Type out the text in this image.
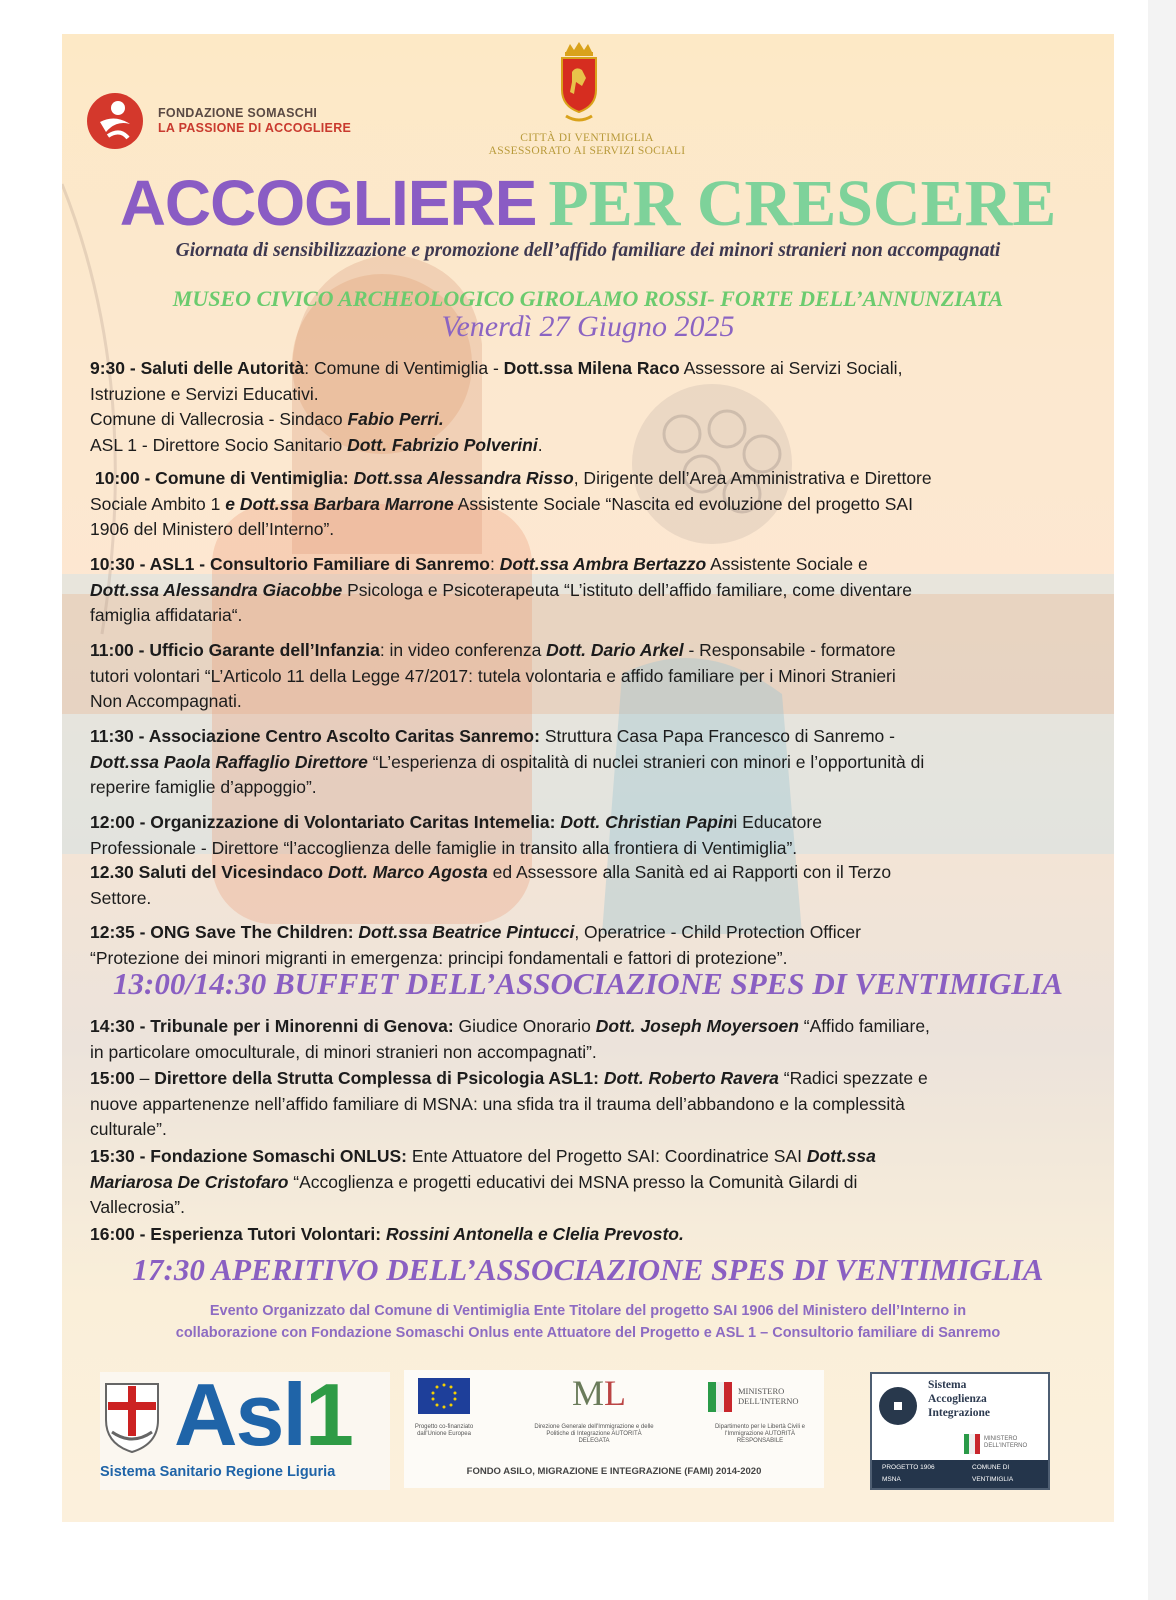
FONDAZIONE SOMASCHI
LA PASSIONE DI ACCOGLIERE
CITTÀ DI VENTIMIGLIA
ASSESSORATO AI SERVIZI SOCIALI
ACCOGLIERE PER CRESCERE
Giornata di sensibilizzazione e promozione dell’affido familiare dei minori stranieri non accompagnati
MUSEO CIVICO ARCHEOLOGICO GIROLAMO ROSSI- FORTE DELL’ANNUNZIATA
Venerdì 27 Giugno 2025
9:30 - Saluti delle Autorità: Comune di Ventimiglia - Dott.ssa Milena Raco Assessore ai Servizi Sociali,
Istruzione e Servizi Educativi.
Comune di Vallecrosia - Sindaco Fabio Perri.
ASL 1 - Direttore Socio Sanitario Dott. Fabrizio Polverini.
10:00 - Comune di Ventimiglia: Dott.ssa Alessandra Risso, Dirigente dell’Area Amministrativa e Direttore
Sociale Ambito 1 e Dott.ssa Barbara Marrone Assistente Sociale “Nascita ed evoluzione del progetto SAI
1906 del Ministero dell’Interno”.
10:30 - ASL1 - Consultorio Familiare di Sanremo: Dott.ssa Ambra Bertazzo Assistente Sociale e
Dott.ssa Alessandra Giacobbe Psicologa e Psicoterapeuta “L’istituto dell’affido familiare, come diventare
famiglia affidataria“.
11:00 - Ufficio Garante dell’Infanzia: in video conferenza Dott. Dario Arkel - Responsabile - formatore
tutori volontari “L’Articolo 11 della Legge 47/2017: tutela volontaria e affido familiare per i Minori Stranieri
Non Accompagnati.
11:30 - Associazione Centro Ascolto Caritas Sanremo: Struttura Casa Papa Francesco di Sanremo -
Dott.ssa Paola Raffaglio Direttore “L’esperienza di ospitalità di nuclei stranieri con minori e l’opportunità di
reperire famiglie d’appoggio”.
12:00 - Organizzazione di Volontariato Caritas Intemelia: Dott. Christian Papini Educatore
Professionale - Direttore “l’accoglienza delle famiglie in transito alla frontiera di Ventimiglia”.
12.30 Saluti del Vicesindaco Dott. Marco Agosta ed Assessore alla Sanità ed ai Rapporti con il Terzo
Settore.
12:35 - ONG Save The Children: Dott.ssa Beatrice Pintucci, Operatrice - Child Protection Officer
“Protezione dei minori migranti in emergenza: principi fondamentali e fattori di protezione”.
13:00/14:30 BUFFET DELL’ASSOCIAZIONE SPES DI VENTIMIGLIA
14:30 - Tribunale per i Minorenni di Genova: Giudice Onorario Dott. Joseph Moyersoen “Affido familiare,
in particolare omoculturale, di minori stranieri non accompagnati”.
15:00 – Direttore della Strutta Complessa di Psicologia ASL1: Dott. Roberto Ravera “Radici spezzate e
nuove appartenenze nell’affido familiare di MSNA: una sfida tra il trauma dell’abbandono e la complessità
culturale”.
15:30 - Fondazione Somaschi ONLUS: Ente Attuatore del Progetto SAI: Coordinatrice SAI Dott.ssa
Mariarosa De Cristofaro “Accoglienza e progetti educativi dei MSNA presso la Comunità Gilardi di
Vallecrosia”.
16:00 - Esperienza Tutori Volontari: Rossini Antonella e Clelia Prevosto.
17:30 APERITIVO DELL’ASSOCIAZIONE SPES DI VENTIMIGLIA
Evento Organizzato dal Comune di Ventimiglia Ente Titolare del progetto SAI 1906 del Ministero dell’Interno in
collaborazione con Fondazione Somaschi Onlus ente Attuatore del Progetto e ASL 1 – Consultorio familiare di Sanremo
Asl1
Sistema Sanitario Regione Liguria
Progetto co-finanziato dall'Unione Europea
ML
Direzione Generale dell'Immigrazione e delle Politiche di Integrazione AUTORITÀ DELEGATA
MINISTERO DELL'INTERNO
Dipartimento per le Libertà Civili e l'Immigrazione AUTORITÀ RESPONSABILE
FONDO ASILO, MIGRAZIONE E INTEGRAZIONE (FAMI) 2014-2020
Sistema
Accoglienza
Integrazione
MINISTERO DELL'INTERNO
PROGETTO 1906	COMUNE DI
MSNA	VENTIMIGLIA
